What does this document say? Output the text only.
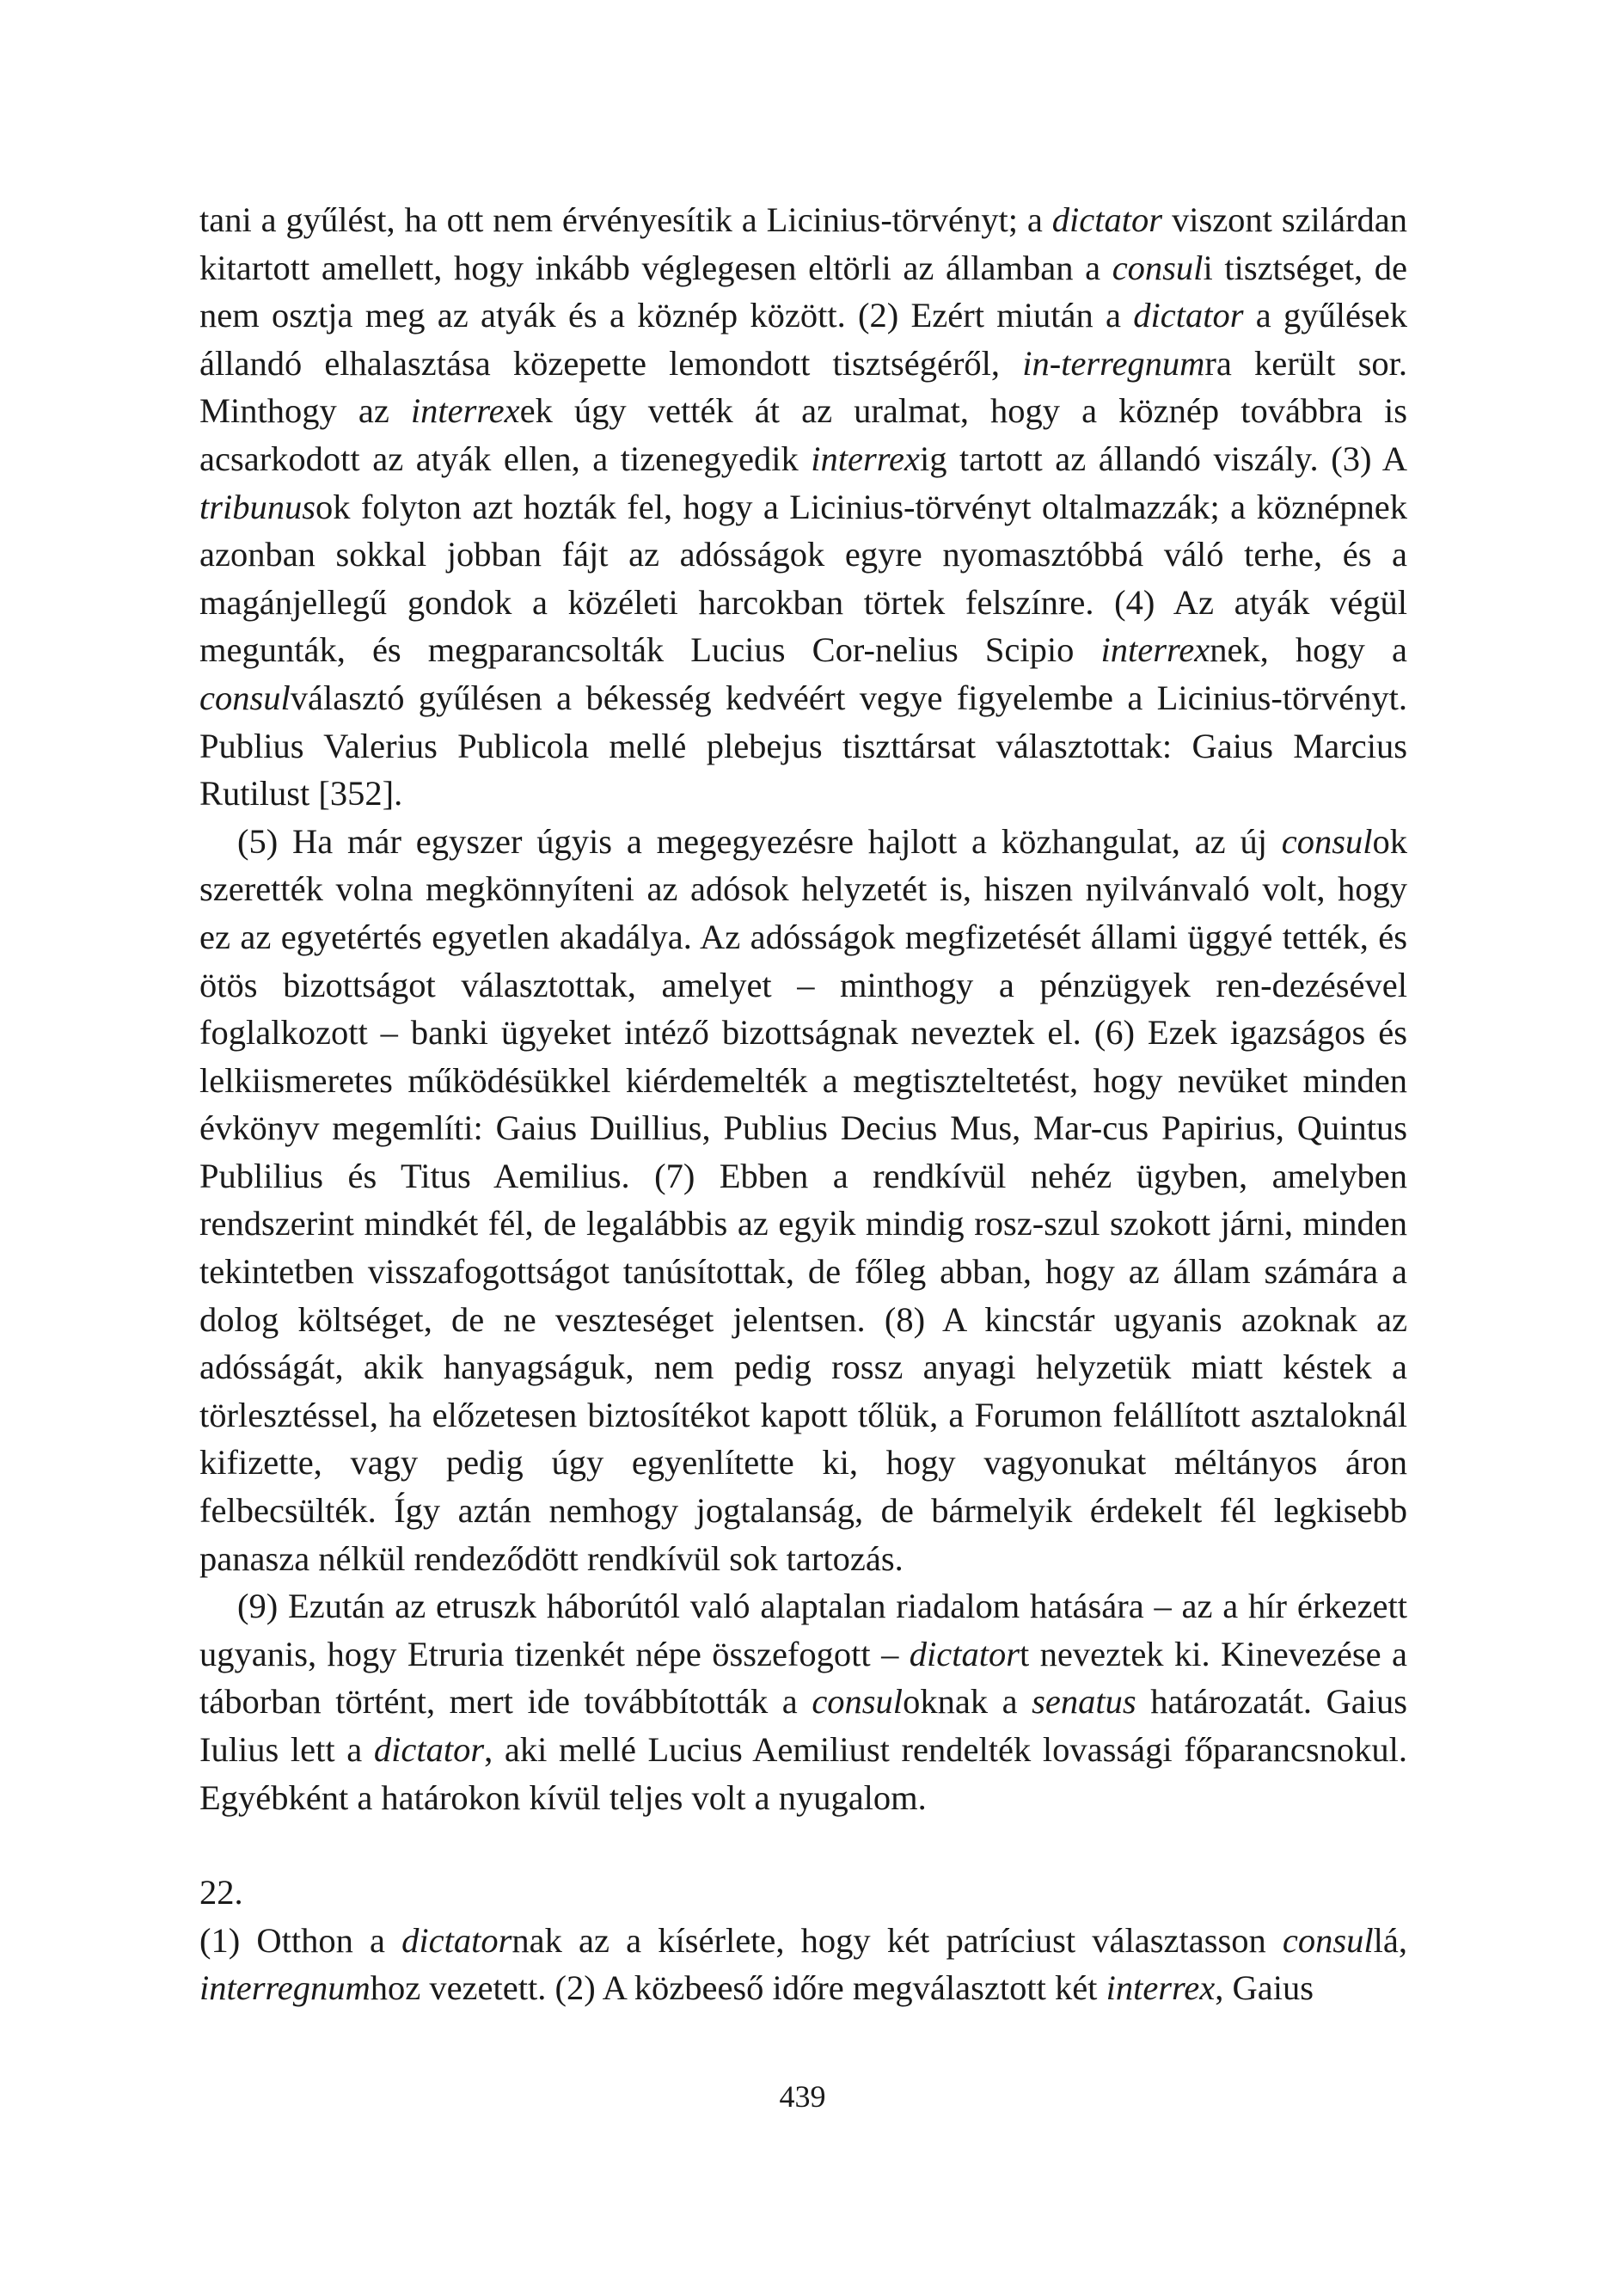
tani a gyűlést, ha ott nem érvényesítik a Licinius-törvényt; a dictator viszont szilárdan kitartott amellett, hogy inkább véglegesen eltörli az államban a consuli tisztséget, de nem osztja meg az atyák és a köznép között. (2) Ezért miután a dictator a gyűlések állandó elhalasztása közepette lemondott tisztségéről, in-terregnumra került sor. Minthogy az interrexek úgy vették át az uralmat, hogy a köznép továbbra is acsarkodott az atyák ellen, a tizenegyedik interrexig tartott az állandó viszály. (3) A tribunusok folyton azt hozták fel, hogy a Licinius-törvényt oltalmazzák; a köznépnek azonban sokkal jobban fájt az adósságok egyre nyomasztóbbá váló terhe, és a magánjellegű gondok a közéleti harcokban törtek felszínre. (4) Az atyák végül megunták, és megparancsolták Lucius Cor-nelius Scipio interrexnek, hogy a consulválasztó gyűlésen a békesség kedvéért vegye figyelembe a Licinius-törvényt. Publius Valerius Publicola mellé plebejus tiszttársat választottak: Gaius Marcius Rutilust [352].

(5) Ha már egyszer úgyis a megegyezésre hajlott a közhangulat, az új consulok szerették volna megkönnyíteni az adósok helyzetét is, hiszen nyilvánvaló volt, hogy ez az egyetértés egyetlen akadálya. Az adósságok megfizetését állami üggyé tették, és ötös bizottságot választottak, amelyet – minthogy a pénzügyek ren-dezésével foglalkozott – banki ügyeket intéző bizottságnak neveztek el. (6) Ezek igazságos és lelkiismeretes működésükkel kiérdemelték a megtiszteltetést, hogy nevüket minden évkönyv megemlíti: Gaius Duillius, Publius Decius Mus, Mar-cus Papirius, Quintus Publilius és Titus Aemilius. (7) Ebben a rendkívül nehéz ügyben, amelyben rendszerint mindkét fél, de legalábbis az egyik mindig rosz-szul szokott járni, minden tekintetben visszafogottságot tanúsítottak, de főleg abban, hogy az állam számára a dolog költséget, de ne veszteséget jelentsen. (8) A kincstár ugyanis azoknak az adósságát, akik hanyagságuk, nem pedig rossz anyagi helyzetük miatt késtek a törlesztéssel, ha előzetesen biztosítékot kapott tőlük, a Forumon felállított asztaloknál kifizette, vagy pedig úgy egyenlítette ki, hogy vagyonukat méltányos áron felbecsülték. Így aztán nemhogy jogtalanság, de bármelyik érdekelt fél legkisebb panasza nélkül rendeződött rendkívül sok tartozás.

(9) Ezután az etruszk háborútól való alaptalan riadalom hatására – az a hír érkezett ugyanis, hogy Etruria tizenkét népe összefogott – dictatort neveztek ki. Kinevezése a táborban történt, mert ide továbbították a consuloknak a senatus határozatát. Gaius Iulius lett a dictator, aki mellé Lucius Aemiliust rendelték lovassági főparancsnokul. Egyébként a határokon kívül teljes volt a nyugalom.

22.

(1) Otthon a dictatornak az a kísérlete, hogy két patríciust választasson consullá, interregnumhoz vezetett. (2) A közbeeső időre megválasztott két interrex, Gaius

439
